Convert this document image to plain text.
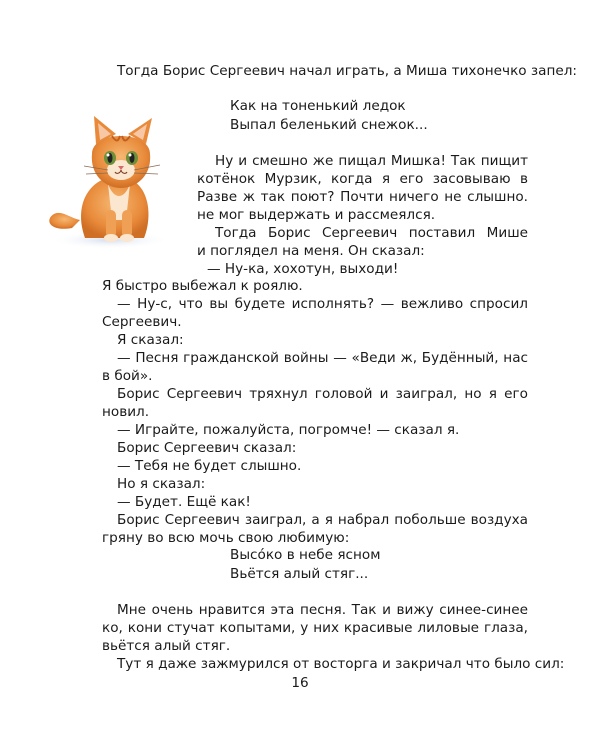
Тогда Борис Сергеевич начал играть, а Миша тихонечко запел:
Как на тоненький ледок
Выпал беленький снежок...
Ну и смешно же пищал Мишка! Так пищит
котёнок Мурзик, когда я его засовываю в
Разве ж так поют? Почти ничего не слышно.
не мог выдержать и рассмеялся.
Тогда Борис Сергеевич поставил Мише
и поглядел на меня. Он сказал:
— Ну-ка, хохотун, выходи!
Я быстро выбежал к роялю.
— Ну-с, что вы будете исполнять? — вежливо спросил
Сергеевич.
Я сказал:
— Песня гражданской войны — «Веди ж, Будённый, нас
в бой».
Борис Сергеевич тряхнул головой и заиграл, но я его
новил.
— Играйте, пожалуйста, погромче! — сказал я.
Борис Сергеевич сказал:
— Тебя не будет слышно.
Но я сказал:
— Будет. Ещё как!
Борис Сергеевич заиграл, а я набрал побольше воздуха
гряну во всю мочь свою любимую:
Высо́ко в небе ясном
Вьётся алый стяг...
Мне очень нравится эта песня. Так и вижу синее-синее
ко, кони стучат копытами, у них красивые лиловые глаза,
вьётся алый стяг.
Тут я даже зажмурился от восторга и закричал что было сил:
16
